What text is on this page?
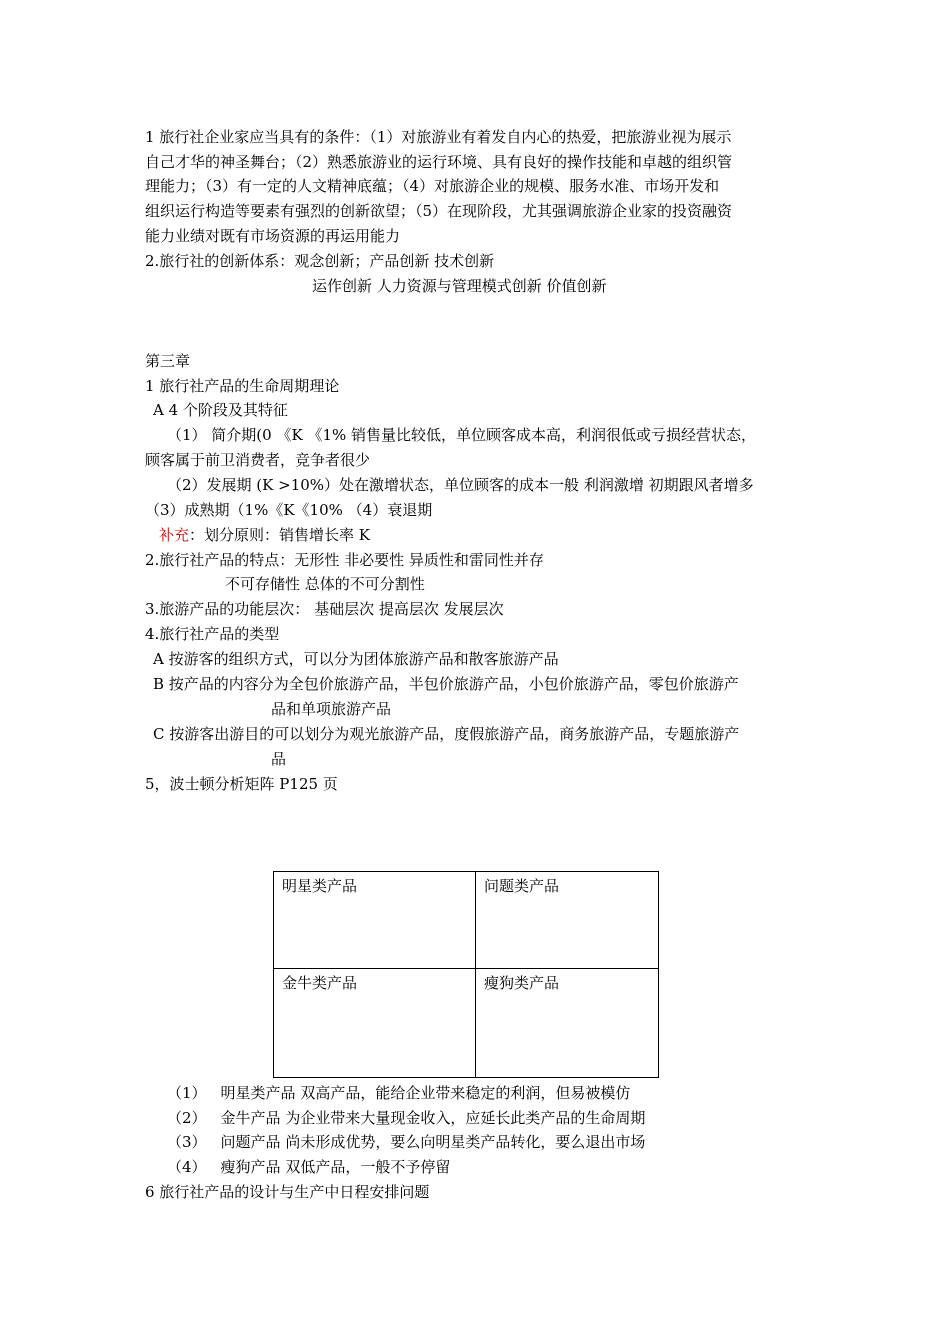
1 旅行社企业家应当具有的条件：（1）对旅游业有着发自内心的热爱，把旅游业视为展示
自己才华的神圣舞台；（2）熟悉旅游业的运行环境、具有良好的操作技能和卓越的组织管
理能力；（3）有一定的人文精神底蕴；（4）对旅游企业的规模、服务水准、市场开发和
组织运行构造等要素有强烈的创新欲望；（5）在现阶段，尤其强调旅游企业家的投资融资
能力业绩对既有市场资源的再运用能力
2.旅行社的创新体系：观念创新；产品创新 技术创新
运作创新 人力资源与管理模式创新 价值创新
第三章
1 旅行社产品的生命周期理论
A 4 个阶段及其特征
（1） 简介期(0 《K 《1% 销售量比较低，单位顾客成本高，利润很低或亏损经营状态，
顾客属于前卫消费者，竞争者很少
（2）发展期 (K >10%）处在激增状态，单位顾客的成本一般 利润激增 初期跟风者增多
（3）成熟期（1%《K《10% （4）衰退期
补充：划分原则：销售增长率 K
2.旅行社产品的特点：无形性 非必要性 异质性和雷同性并存
不可存储性 总体的不可分割性
3.旅游产品的功能层次： 基础层次 提高层次 发展层次
4.旅行社产品的类型
A 按游客的组织方式，可以分为团体旅游产品和散客旅游产品
B 按产品的内容分为全包价旅游产品，半包价旅游产品，小包价旅游产品，零包价旅游产
品和单项旅游产品
C 按游客出游目的可以划分为观光旅游产品，度假旅游产品，商务旅游产品，专题旅游产
品
5，波士顿分析矩阵 P125 页
明星类产品	问题类产品
金牛类产品	瘦狗类产品
（1） 明星类产品 双高产品，能给企业带来稳定的利润，但易被模仿
（2） 金牛产品 为企业带来大量现金收入，应延长此类产品的生命周期
（3） 问题产品 尚未形成优势，要么向明星类产品转化，要么退出市场
（4） 瘦狗产品 双低产品，一般不予停留
6 旅行社产品的设计与生产中日程安排问题
